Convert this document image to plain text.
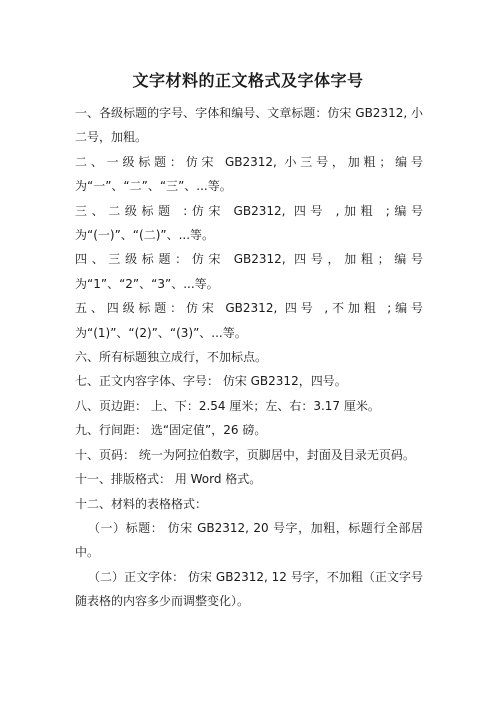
文字材料的正文格式及字体字号

一、各级标题的字号、字体和编号、文章标题：仿宋 GB2312, 小二号，加粗。

二、一级标题：仿宋 GB2312, 小三号，加粗；编号为“一”、“二”、“三”、...等。

三、二级标题 :仿宋 GB2312, 四号 ,加粗 ;编号为“(一)”、“(二)”、...等。

四、三级标题：仿宋 GB2312, 四号，加粗；编号为“1”、“2”、“3”、...等。

五、四级标题：仿宋 GB2312, 四号 ,不加粗 ;编号为“(1)”、“(2)”、“(3)”、...等。

六、所有标题独立成行，不加标点。

七、正文内容字体、字号： 仿宋 GB2312，四号。

八、页边距： 上、下：2.54 厘米；左、右：3.17 厘米。

九、行间距： 选“固定值”，26 磅。

十、页码： 统一为阿拉伯数字，页脚居中，封面及目录无页码。

十一、排版格式： 用 Word 格式。

十二、材料的表格格式：

（一）标题： 仿宋 GB2312, 20 号字，加粗，标题行全部居中。

（二）正文字体： 仿宋 GB2312, 12 号字，不加粗（正文字号随表格的内容多少而调整变化）。
